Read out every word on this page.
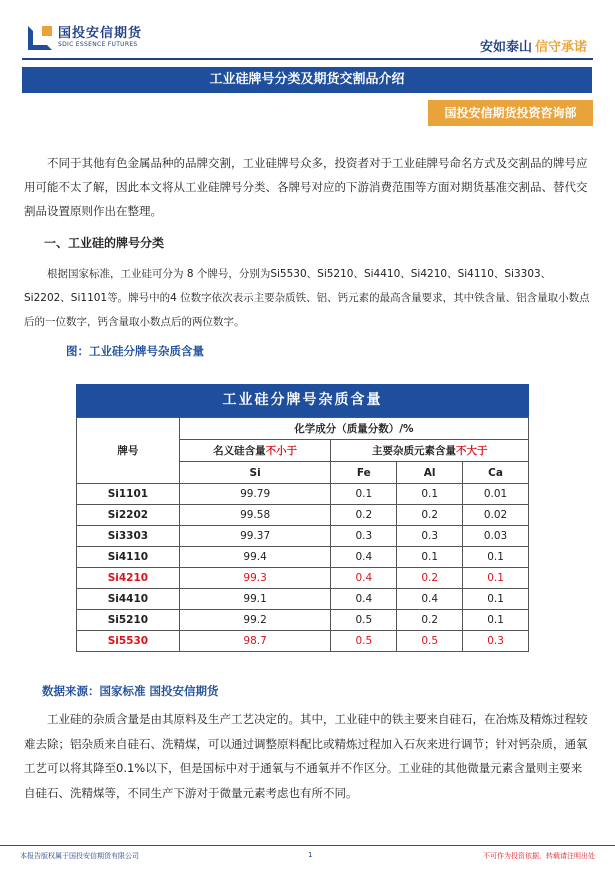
国投安信期货
SDIC ESSENCE FUTURES	安如泰山 信守承诺
工业硅牌号分类及期货交割品介绍
国投安信期货投资咨询部

不同于其他有色金属品种的品牌交割，工业硅牌号众多，投资者对于工业硅牌号命名方式及交割品的牌号应用可能不太了解，因此本文将从工业硅牌号分类、各牌号对应的下游消费范围等方面对期货基准交割品、替代交割品设置原则作出在整理。

一、工业硅的牌号分类

根据国家标准，工业硅可分为 8 个牌号，分别为Si5530、Si5210、Si4410、Si4210、Si4110、Si3303、Si2202、Si1101等。牌号中的4 位数字依次表示主要杂质铁、铝、钙元素的最高含量要求，其中铁含量、铝含量取小数点后的一位数字，钙含量取小数点后的两位数字。

图：工业硅分牌号杂质含量
工业硅分牌号杂质含量
牌号	化学成分（质量分数）/%			
	名义硅含量不小于	主要杂质元素含量不大于		
	Si	Fe	Al	Ca
Si1101	99.79	0.1	0.1	0.01
Si2202	99.58	0.2	0.2	0.02
Si3303	99.37	0.3	0.3	0.03
Si4110	99.4	0.4	0.1	0.1
Si4210	99.3	0.4	0.2	0.1
Si4410	99.1	0.4	0.4	0.1
Si5210	99.2	0.5	0.2	0.1
Si5530	98.7	0.5	0.5	0.3
数据来源：国家标准 国投安信期货

工业硅的杂质含量是由其原料及生产工艺决定的。其中，工业硅中的铁主要来自硅石，在冶炼及精炼过程较难去除；铝杂质来自硅石、洗精煤，可以通过调整原料配比或精炼过程加入石灰来进行调节；针对钙杂质，通氧工艺可以将其降至0.1%以下，但是国标中对于通氧与不通氧并不作区分。工业硅的其他微量元素含量则主要来自硅石、洗精煤等，不同生产下游对于微量元素考虑也有所不同。

本报告版权属于国投安信期货有限公司	1	不可作为投资依据，转载请注明出处
